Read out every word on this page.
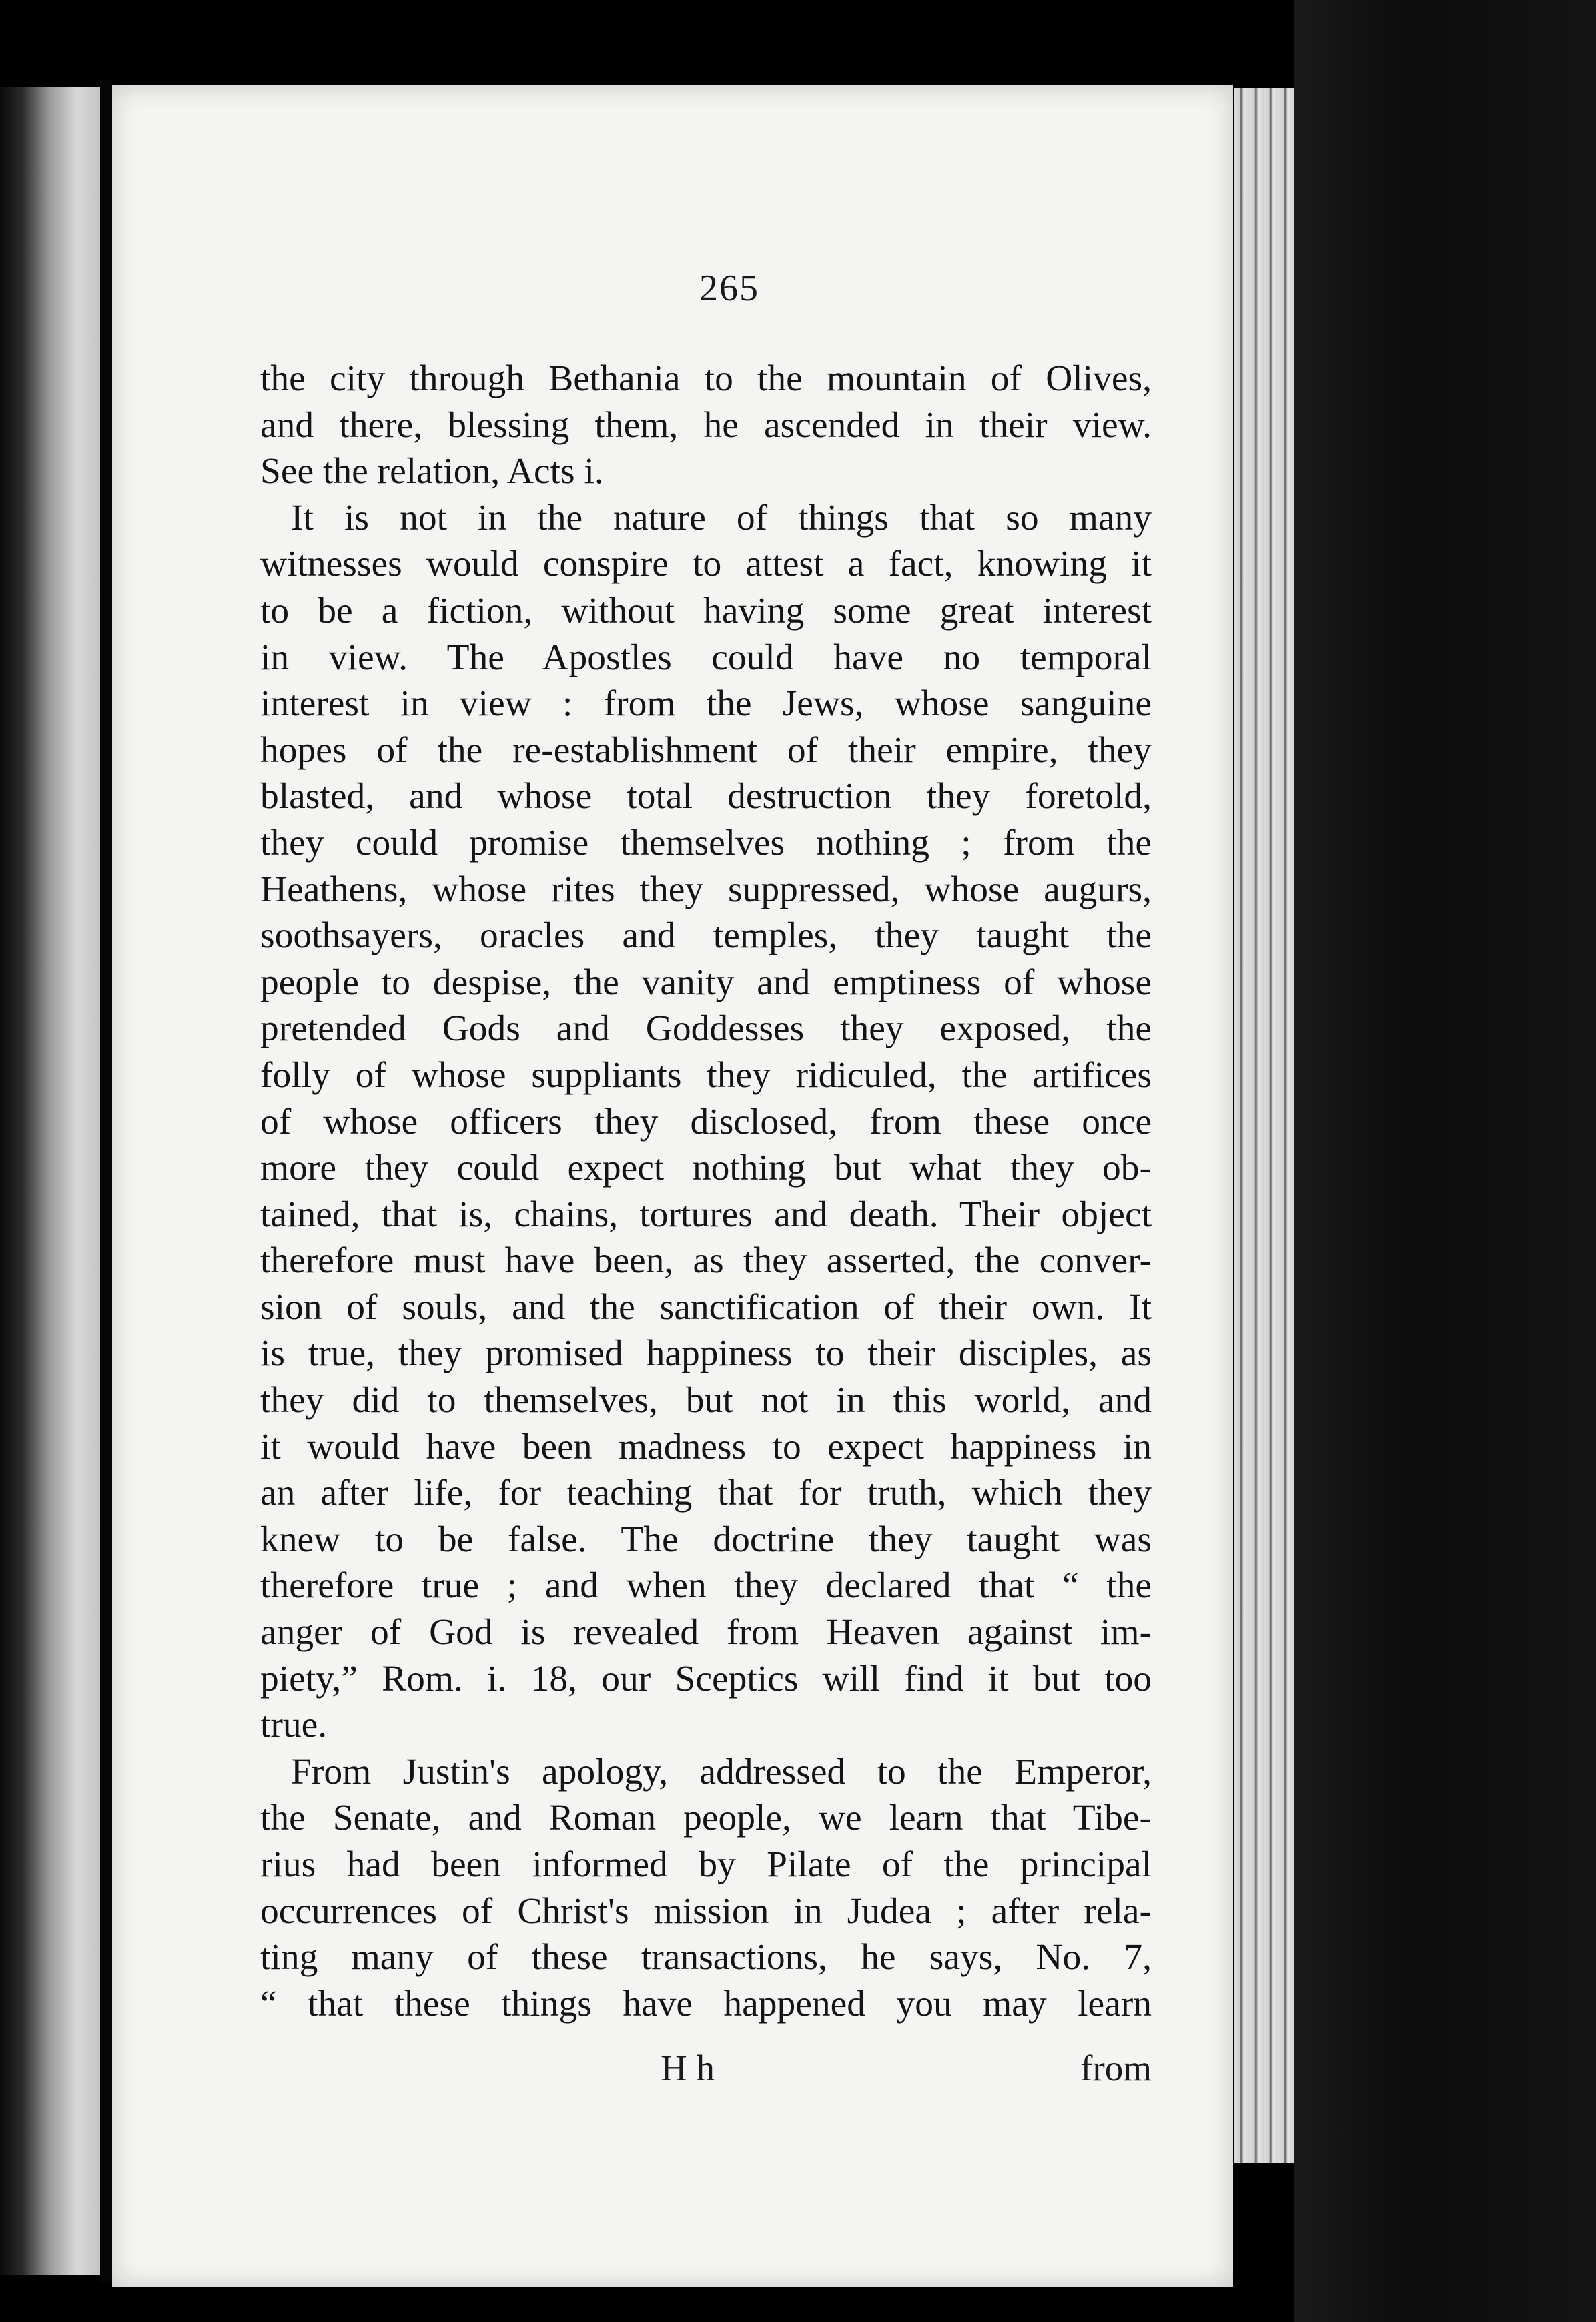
265
the city through Bethania to the mountain of Olives,
and there, blessing them, he ascended in their view.
See the relation, Acts i.
It is not in the nature of things that so many
witnesses would conspire to attest a fact, knowing it
to be a fiction, without having some great interest
in view. The Apostles could have no temporal
interest in view : from the Jews, whose sanguine
hopes of the re-establishment of their empire, they
blasted, and whose total destruction they foretold,
they could promise themselves nothing ; from the
Heathens, whose rites they suppressed, whose augurs,
soothsayers, oracles and temples, they taught the
people to despise, the vanity and emptiness of whose
pretended Gods and Goddesses they exposed, the
folly of whose suppliants they ridiculed, the artifices
of whose officers they disclosed, from these once
more they could expect nothing but what they ob-
tained, that is, chains, tortures and death. Their object
therefore must have been, as they asserted, the conver-
sion of souls, and the sanctification of their own. It
is true, they promised happiness to their disciples, as
they did to themselves, but not in this world, and
it would have been madness to expect happiness in
an after life, for teaching that for truth, which they
knew to be false. The doctrine they taught was
therefore true ; and when they declared that “ the
anger of God is revealed from Heaven against im-
piety,” Rom. i. 18, our Sceptics will find it but too
true.
From Justin's apology, addressed to the Emperor,
the Senate, and Roman people, we learn that Tibe-
rius had been informed by Pilate of the principal
occurrences of Christ's mission in Judea ; after rela-
ting many of these transactions, he says, No. 7,
“ that these things have happened you may learn
H h	from
